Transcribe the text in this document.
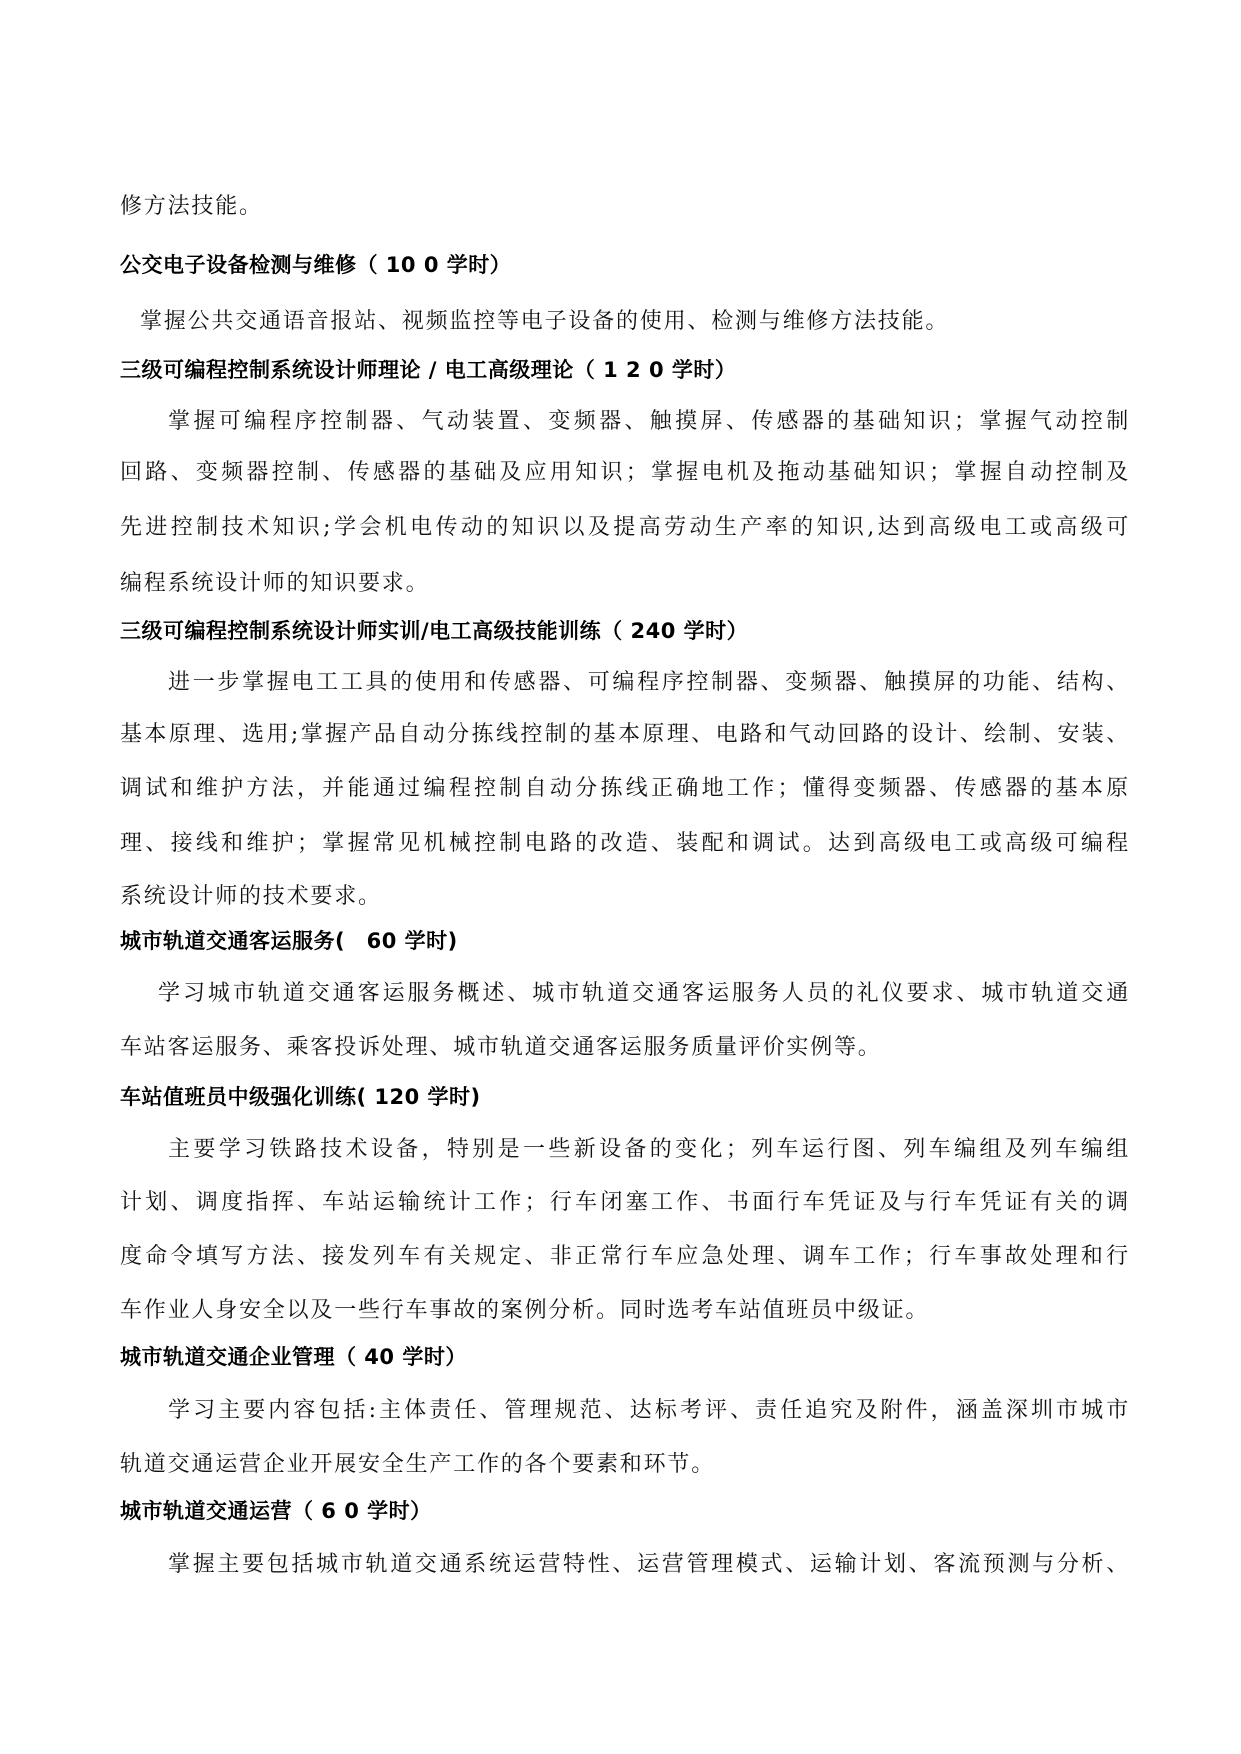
修方法技能。
公交电子设备检测与维修（ 10 0 学时）
掌握公共交通语音报站、视频监控等电子设备的使用、检测与维修方法技能。
三级可编程控制系统设计师理论 / 电工高级理论（ 1 2 0 学时）
掌握可编程序控制器、气动装置、变频器、触摸屏、传感器的基础知识；掌握气动控制
回路、变频器控制、传感器的基础及应用知识；掌握电机及拖动基础知识；掌握自动控制及
先进控制技术知识;学会机电传动的知识以及提高劳动生产率的知识,达到高级电工或高级可
编程系统设计师的知识要求。
三级可编程控制系统设计师实训/电工高级技能训练（ 240 学时）
进一步掌握电工工具的使用和传感器、可编程序控制器、变频器、触摸屏的功能、结构、
基本原理、选用;掌握产品自动分拣线控制的基本原理、电路和气动回路的设计、绘制、安装、
调试和维护方法，并能通过编程控制自动分拣线正确地工作；懂得变频器、传感器的基本原
理、接线和维护；掌握常见机械控制电路的改造、装配和调试。达到高级电工或高级可编程
系统设计师的技术要求。
城市轨道交通客运服务(　60 学时)
学习城市轨道交通客运服务概述、城市轨道交通客运服务人员的礼仪要求、城市轨道交通
车站客运服务、乘客投诉处理、城市轨道交通客运服务质量评价实例等。
车站值班员中级强化训练( 120 学时)
主要学习铁路技术设备，特别是一些新设备的变化；列车运行图、列车编组及列车编组
计划、调度指挥、车站运输统计工作；行车闭塞工作、书面行车凭证及与行车凭证有关的调
度命令填写方法、接发列车有关规定、非正常行车应急处理、调车工作；行车事故处理和行
车作业人身安全以及一些行车事故的案例分析。同时选考车站值班员中级证。
城市轨道交通企业管理（ 40 学时）
学习主要内容包括:主体责任、管理规范、达标考评、责任追究及附件，涵盖深圳市城市
轨道交通运营企业开展安全生产工作的各个要素和环节。
城市轨道交通运营（ 6 0 学时）
掌握主要包括城市轨道交通系统运营特性、运营管理模式、运输计划、客流预测与分析、
